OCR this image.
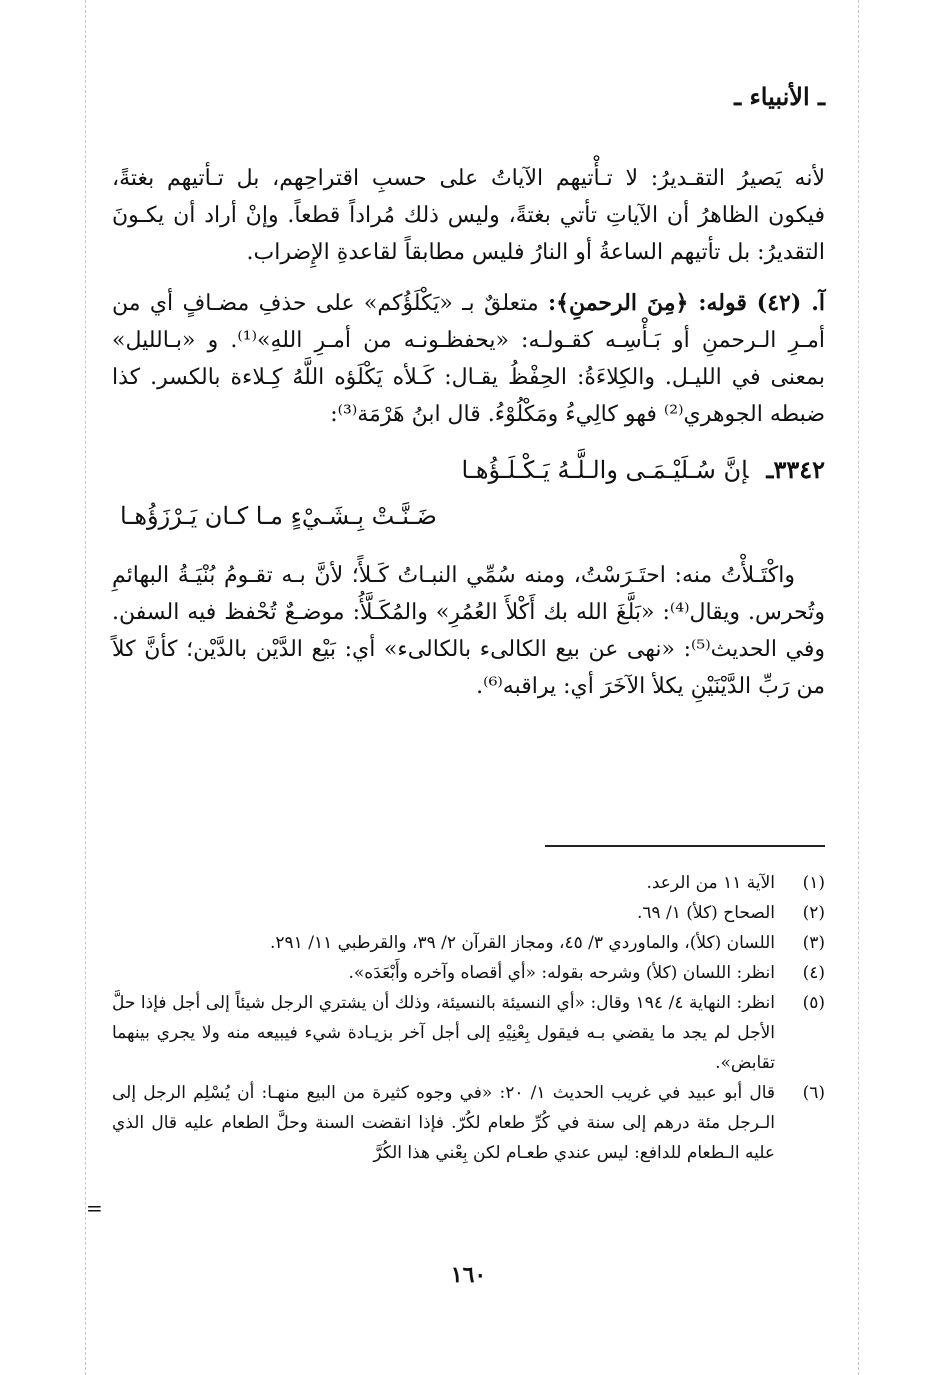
ـ الأنبياء ـ

لأنه يَصيرُ التقـديرُ: لا تـأْتيهم الآياتُ على حسبِ اقتراحِهم، بل تـأتيهم بغتةً، فيكون الظاهرُ أن الآياتِ تأتي بغتةً، وليس ذلك مُراداً قطعاً. وإنْ أراد أن يكـونَ التقديرُ: بل تأتيهم الساعةُ أو النارُ فليس مطابقاً لقاعدةِ الإِضراب.

آ. (٤٢) قوله: ﴿مِنَ الرحمنِ﴾: متعلقٌ بـ «يَكْلَؤُكم» على حذفِ مضـافٍ أي من أمـرِ الـرحمنِ أو بَـأْسِـه كقـولـه: «يحفظـونـه من أمـرِ اللهِ»⁽¹⁾. و «بـالليل» بمعنى في الليـل. والكِلاءَةُ: الحِفْظُ يقـال: كَـلأه يَكْلَؤه اللَّهُ كِـلاءة بالكسر. كذا ضبطه الجوهري⁽²⁾ فهو كالِيءُ ومَكْلُوْءُ. قال ابنُ هَرْمَة⁽³⁾:

٣٣٤٢ـإنَّ سُـلَيْـمَـى والـلَّـهُ يَـكْـلَـؤُهـا
ضَـنَّـتْ بِـشَـيْءٍ مـا كـان يَـرْزَؤُهـا

واكْتَـلأْتُ منه: احتَـرَسْتُ، ومنه سُمِّي النبـاتُ كَـلأً؛ لأنَّ بـه تقـومُ بُنْيَـةُ البهائمِ وتُحرس. ويقال⁽⁴⁾: «بَلَّغَ الله بك أَكْلأَ العُمُرِ» والمُكَـلَّأُ: موضـعٌ تُحْفظ فيه السفن. وفي الحديث⁽⁵⁾: «نهى عن بيع الكالىء بالكالىء» أي: بَيْع الدَّيْن بالدَّيْن؛ كأنَّ كلاً من رَبِّ الدَّيْنَيْنِ يكلأ الآخَرَ أي: يراقبه⁽⁶⁾.

(١)
الآية ١١ من الرعد.
(٢)
الصحاح (كلأ) ١/ ٦٩.
(٣)
اللسان (كلأ)، والماوردي ٣/ ٤٥، ومجاز القرآن ٢/ ٣٩، والقرطبي ١١/ ٢٩١.
(٤)
انظر: اللسان (كلأ) وشرحه بقوله: «أي أقصاه وآخره وأَبْعَدَه».
(٥)
انظر: النهاية ٤/ ١٩٤ وقال: «أي النسيئة بالنسيئة، وذلك أن يشتري الرجل شيئاً إلى أجل فإذا حلَّ الأجل لم يجد ما يقضي بـه فيقول بِعْنِيْهِ إلى أجل آخر بزيـادة شيء فيبيعه منه ولا يجري بينهما تقابض».
(٦)
قال أبو عبيد في غريب الحديث ١/ ٢٠: «في وجوه كثيرة من البيع منهـا: أن يُسْلِم الرجل إلى الـرجل مئة درهم إلى سنة في كُرِّ طعام لكُرّ. فإذا انقضت السنة وحلَّ الطعام عليه قال الذي عليه الـطعام للدافع: ليس عندي طعـام لكن بِعْني هذا الكُرَّ
=
١٦٠
